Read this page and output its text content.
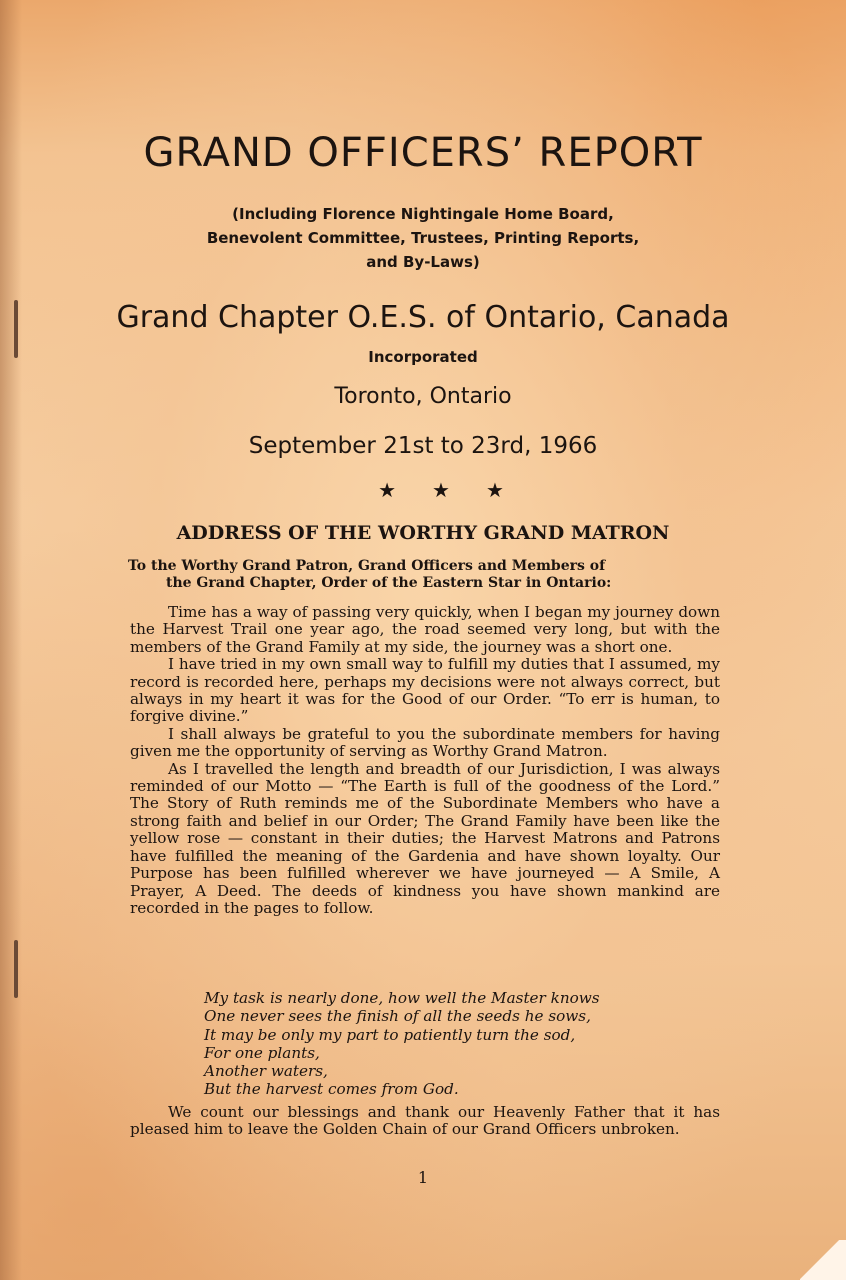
GRAND OFFICERS’ REPORT
(Including Florence Nightingale Home Board,
Benevolent Committee, Trustees, Printing Reports,
and By-Laws)
Grand Chapter O.E.S. of Ontario, Canada
Incorporated
Toronto, Ontario
September 21st to 23rd, 1966
★★★
ADDRESS OF THE WORTHY GRAND MATRON
To the Worthy Grand Patron, Grand Officers and Members of
the Grand Chapter, Order of the Eastern Star in Ontario:

Time has a way of passing very quickly, when I began my journey down the Harvest Trail one year ago, the road seemed very long, but with the members of the Grand Family at my side, the journey was a short one.

I have tried in my own small way to fulfill my duties that I assumed, my record is recorded here, perhaps my decisions were not always correct, but always in my heart it was for the Good of our Order. “To err is human, to forgive divine.”

I shall always be grateful to you the subordinate members for having given me the opportunity of serving as Worthy Grand Matron.

As I travelled the length and breadth of our Jurisdiction, I was always reminded of our Motto — “The Earth is full of the goodness of the Lord.” The Story of Ruth reminds me of the Subordinate Members who have a strong faith and belief in our Order; The Grand Family have been like the yellow rose — constant in their duties; the Harvest Matrons and Patrons have fulfilled the meaning of the Gardenia and have shown loyalty. Our Purpose has been fulfilled wherever we have journeyed — A Smile, A Prayer, A Deed. The deeds of kindness you have shown mankind are recorded in the pages to follow.

My task is nearly done, how well the Master knows
One never sees the finish of all the seeds he sows,
It may be only my part to patiently turn the sod,
For one plants,
Another waters,
But the harvest comes from God.

We count our blessings and thank our Heavenly Father that it has pleased him to leave the Golden Chain of our Grand Officers unbroken.

1
